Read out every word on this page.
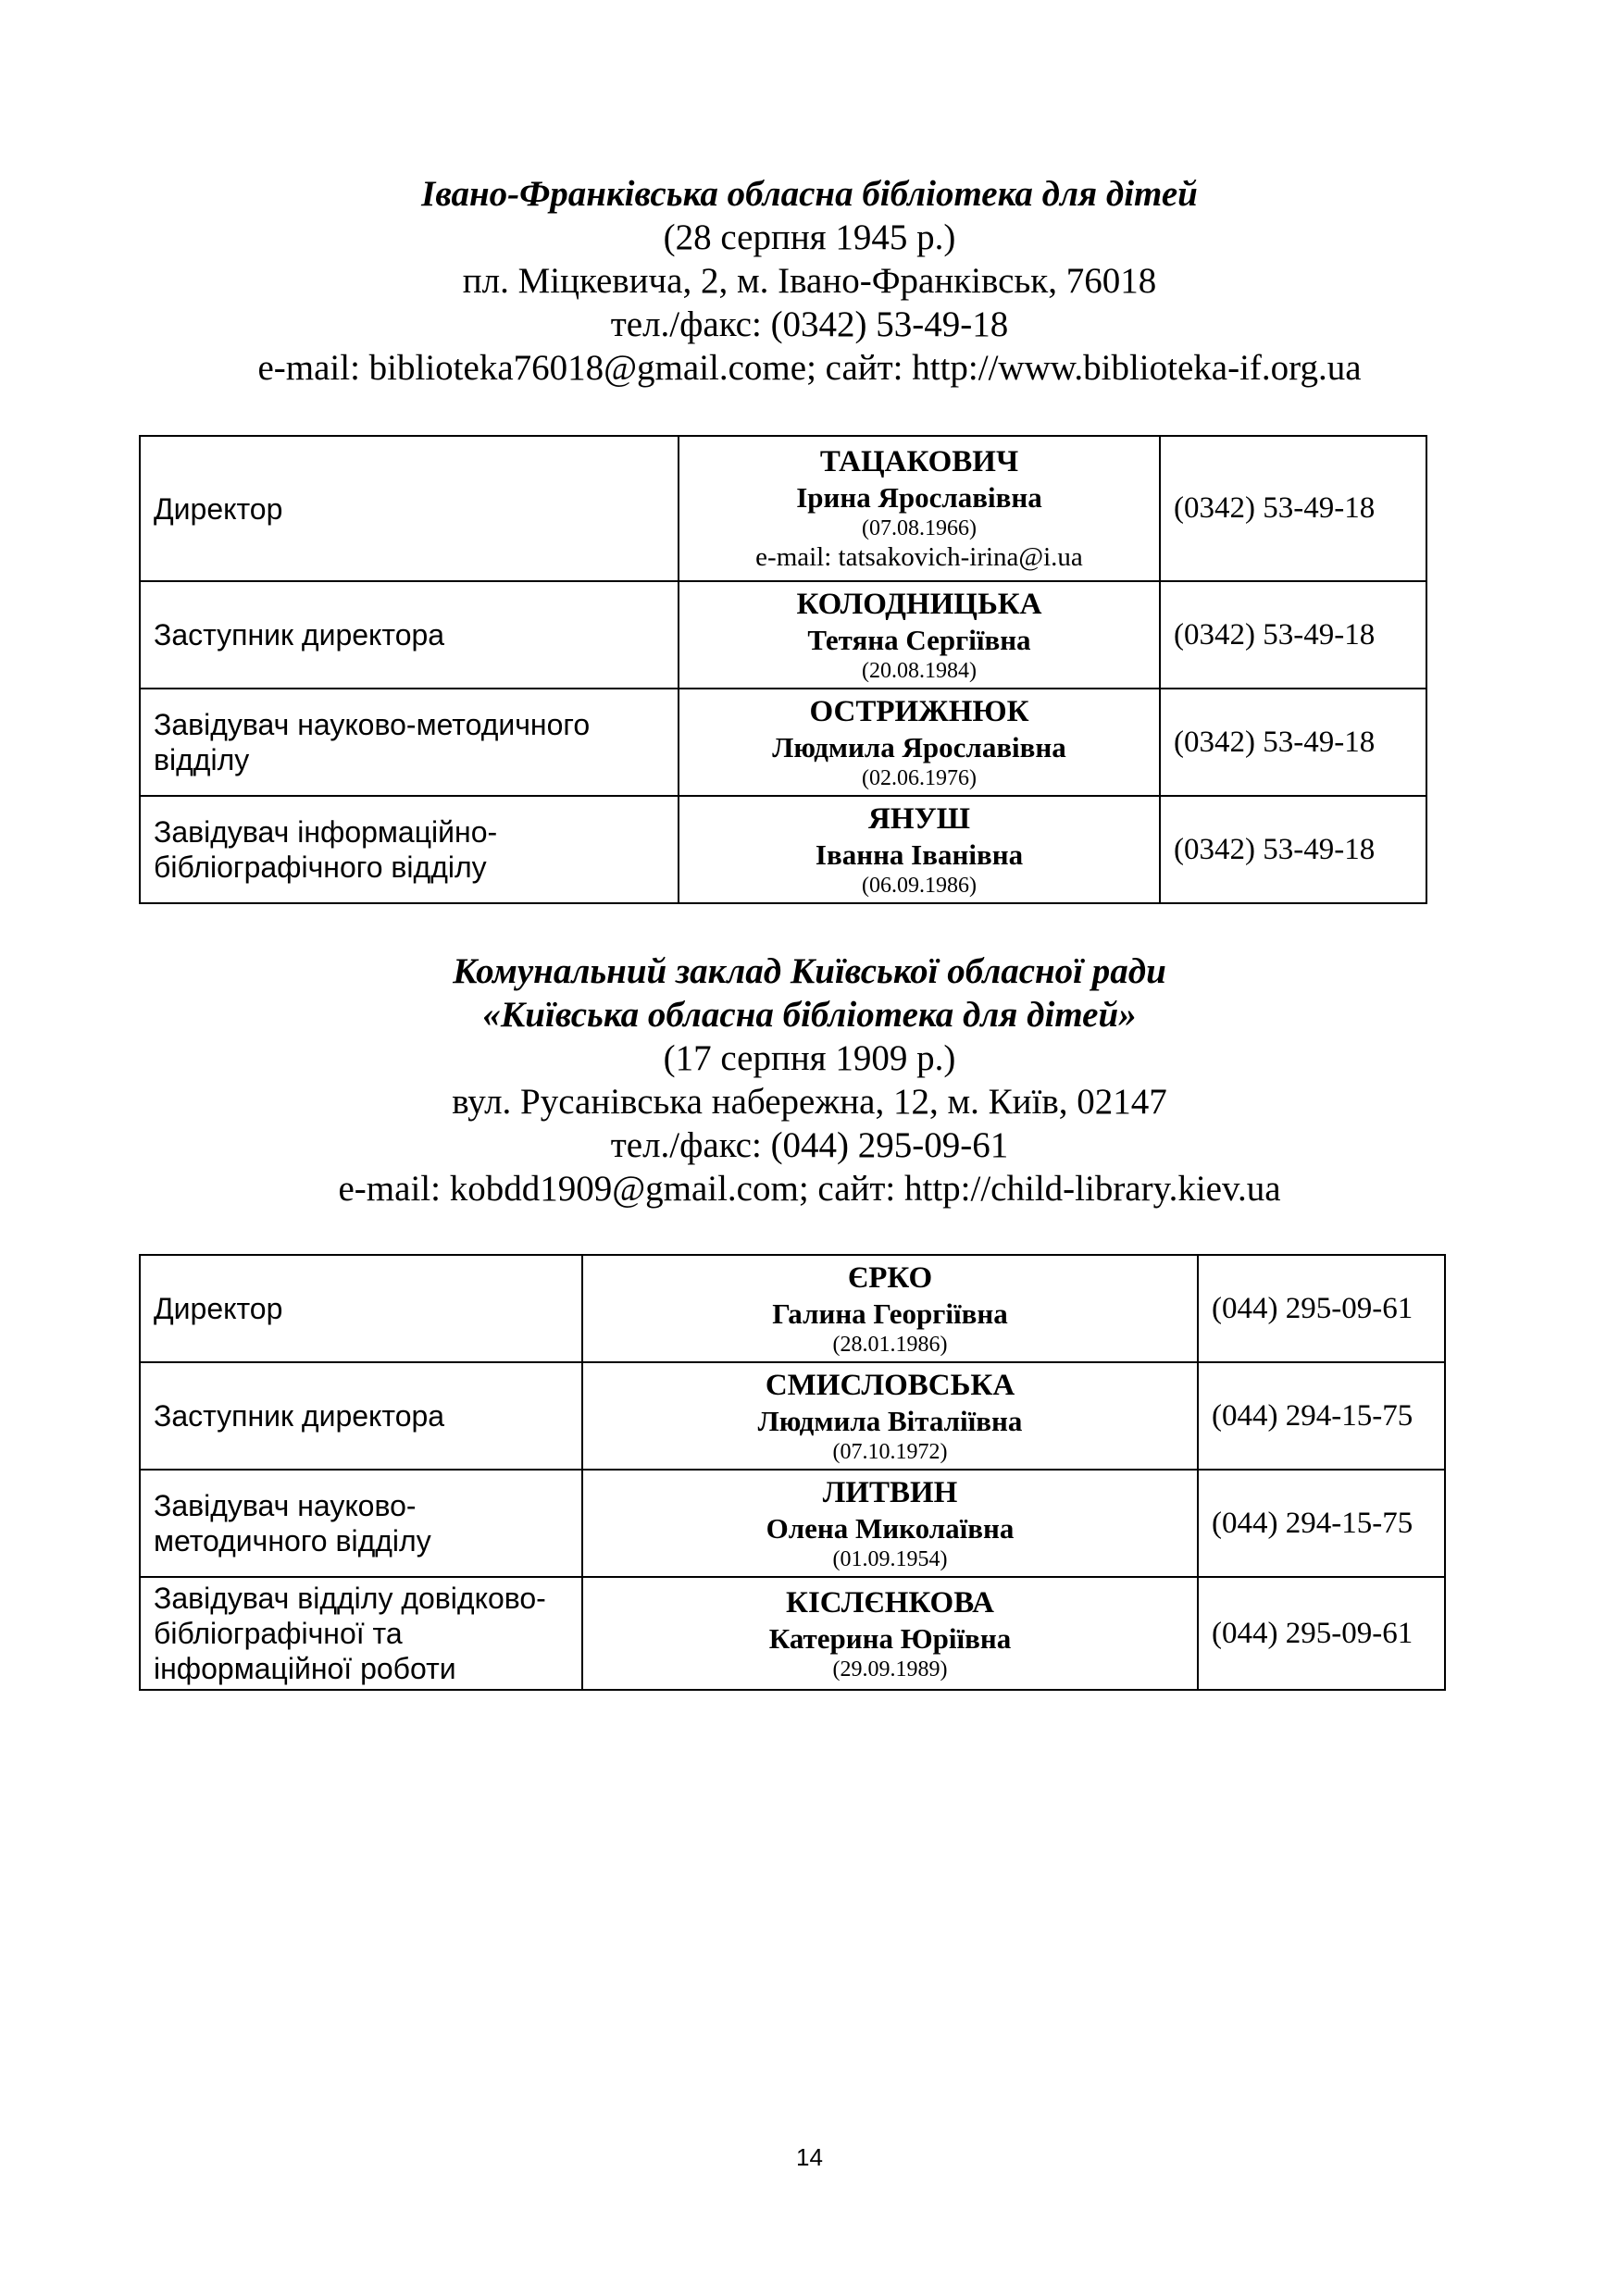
Івано-Франківська обласна бібліотека для дітей
(28 серпня 1945 р.)
пл. Міцкевича, 2, м. Івано-Франківськ, 76018
тел./факс: (0342) 53-49-18
e-mail: biblioteka76018@gmail.come; сайт: http://www.biblioteka-if.org.ua
Директор	ТАЦАКОВИЧ
Ірина Ярославівна
(07.08.1966)
e-mail: tatsakovich-irina@i.ua	(0342) 53-49-18
Заступник директора	КОЛОДНИЦЬКА
Тетяна Сергіївна
(20.08.1984)	(0342) 53-49-18
Завідувач науково-методичного відділу	ОСТРИЖНЮК
Людмила Ярославівна
(02.06.1976)	(0342) 53-49-18
Завідувач інформаційно-бібліографічного відділу	ЯНУШ
Іванна Іванівна
(06.09.1986)	(0342) 53-49-18
Комунальний заклад Київської обласної ради
«Київська обласна бібліотека для дітей»
(17 серпня 1909 р.)
вул. Русанівська набережна, 12, м. Київ, 02147
тел./факс: (044) 295-09-61
e-mail: kobdd1909@gmail.com; сайт: http://child-library.kiev.ua
Директор	ЄРКО
Галина Георгіївна
(28.01.1986)	(044) 295-09-61
Заступник директора	СМИСЛОВСЬКА
Людмила Віталіївна
(07.10.1972)	(044) 294-15-75
Завідувач науково-методичного відділу	ЛИТВИН
Олена Миколаївна
(01.09.1954)	(044) 294-15-75
Завідувач відділу довідково-бібліографічної та інформаційної роботи	КІСЛЄНКОВА
Катерина Юріївна
(29.09.1989)	(044) 295-09-61
14
